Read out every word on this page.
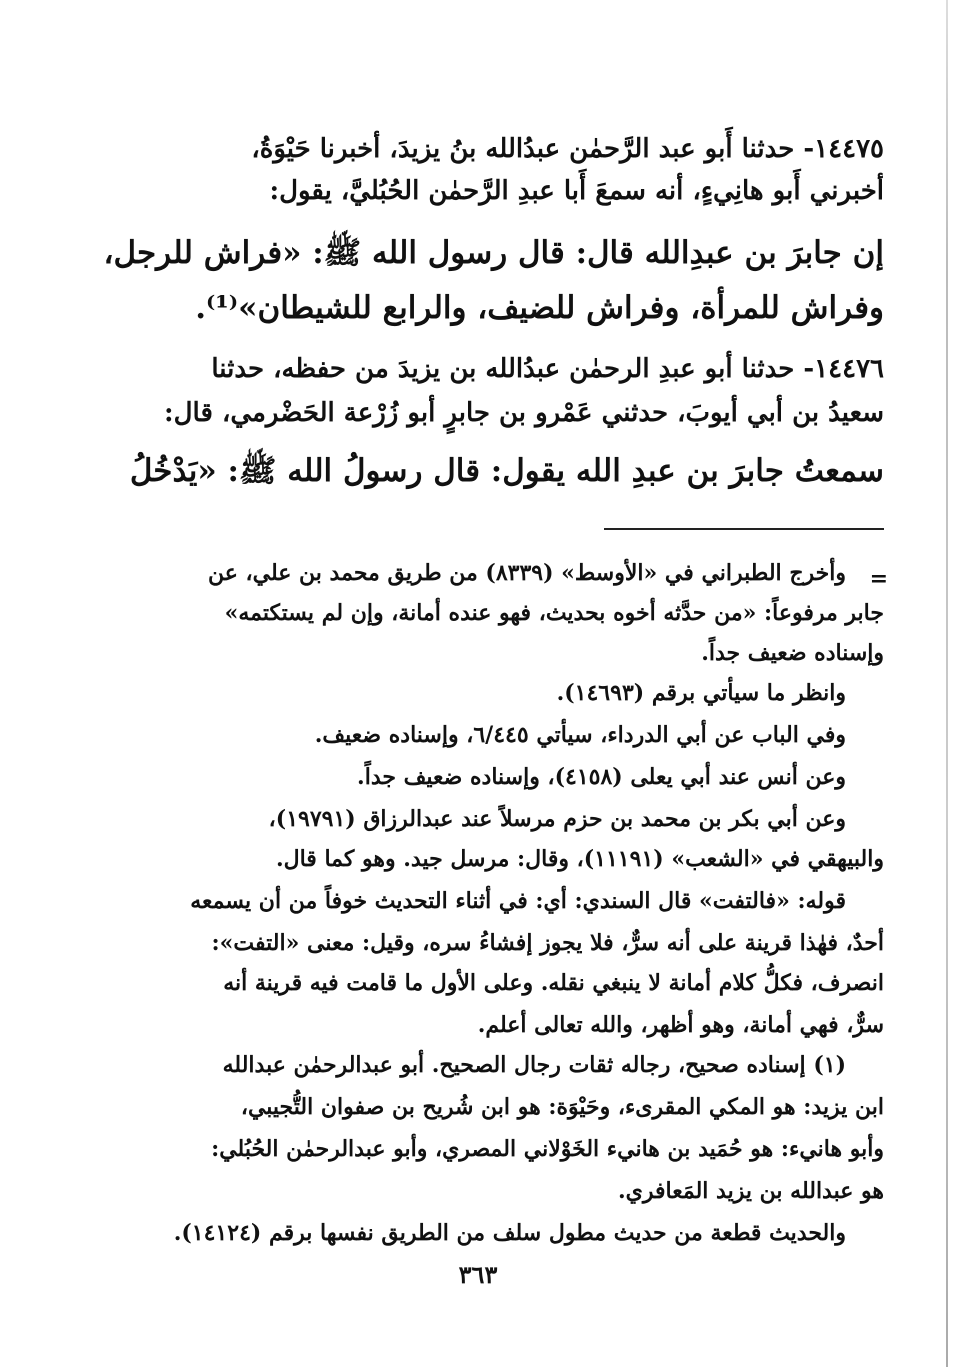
١٤٤٧٥- حدثنا أَبو عبد الرَّحمٰن عبدُالله بنُ يزيدَ، أخبرنا حَيْوَةُ،
أخبرني أَبو هانِيءٍ، أنه سمعَ أَبا عبدِ الرَّحمٰن الحُبُليَّ، يقول:
إن جابرَ بن عبدِالله قال: قال رسول الله ﷺ: «فراش للرجل،
وفراش للمرأة، وفراش للضيف، والرابع للشيطان»⁽¹⁾.
١٤٤٧٦- حدثنا أبو عبدِ الرحمٰن عبدُالله بن يزيدَ من حفظه، حدثنا
سعيدُ بن أبي أيوبَ، حدثني عَمْرو بن جابرٍ أبو زُرْعة الحَضْرمي، قال:
سمعتُ جابرَ بن عبدِ الله يقول: قال رسولُ الله ﷺ: «يَدْخُلُ
=
وأخرج الطبراني في «الأوسط» (٨٣٣٩) من طريق محمد بن علي، عن
جابر مرفوعاً: «من حدَّثه أخوه بحديث، فهو عنده أمانة، وإن لم يستكتمه»
وإسناده ضعيف جداً.
وانظر ما سيأتي برقم (١٤٦٩٣).
وفي الباب عن أبي الدرداء، سيأتي ٦/٤٤٥، وإسناده ضعيف.
وعن أنس عند أبي يعلى (٤١٥٨)، وإسناده ضعيف جداً.
وعن أبي بكر بن محمد بن حزم مرسلاً عند عبدالرزاق (١٩٧٩١)،
والبيهقي في «الشعب» (١١١٩١)، وقال: مرسل جيد. وهو كما قال.
قوله: «فالتفت» قال السندي: أي: في أثناء التحديث خوفاً من أن يسمعه
أحدٌ، فهٰذا قرينة على أنه سرٌّ، فلا يجوز إفشاءُ سره، وقيل: معنى «التفت»:
انصرف، فكلُّ كلام أمانة لا ينبغي نقله. وعلى الأول ما قامت فيه قرينة أنه
سرٌّ، فهي أمانة، وهو أظهر، والله تعالى أعلم.
(١) إسناده صحيح، رجاله ثقات رجال الصحيح. أبو عبدالرحمٰن عبدالله
ابن يزيد: هو المكي المقرىء، وحَيْوَة: هو ابن شُريح بن صفوان التُّجيبي،
وأبو هانيء: هو حُمَيد بن هانيء الخَوْلاني المصري، وأبو عبدالرحمٰن الحُبُلي:
هو عبدالله بن يزيد المَعافري.
والحديث قطعة من حديث مطول سلف من الطريق نفسها برقم (١٤١٢٤).
٣٦٣
